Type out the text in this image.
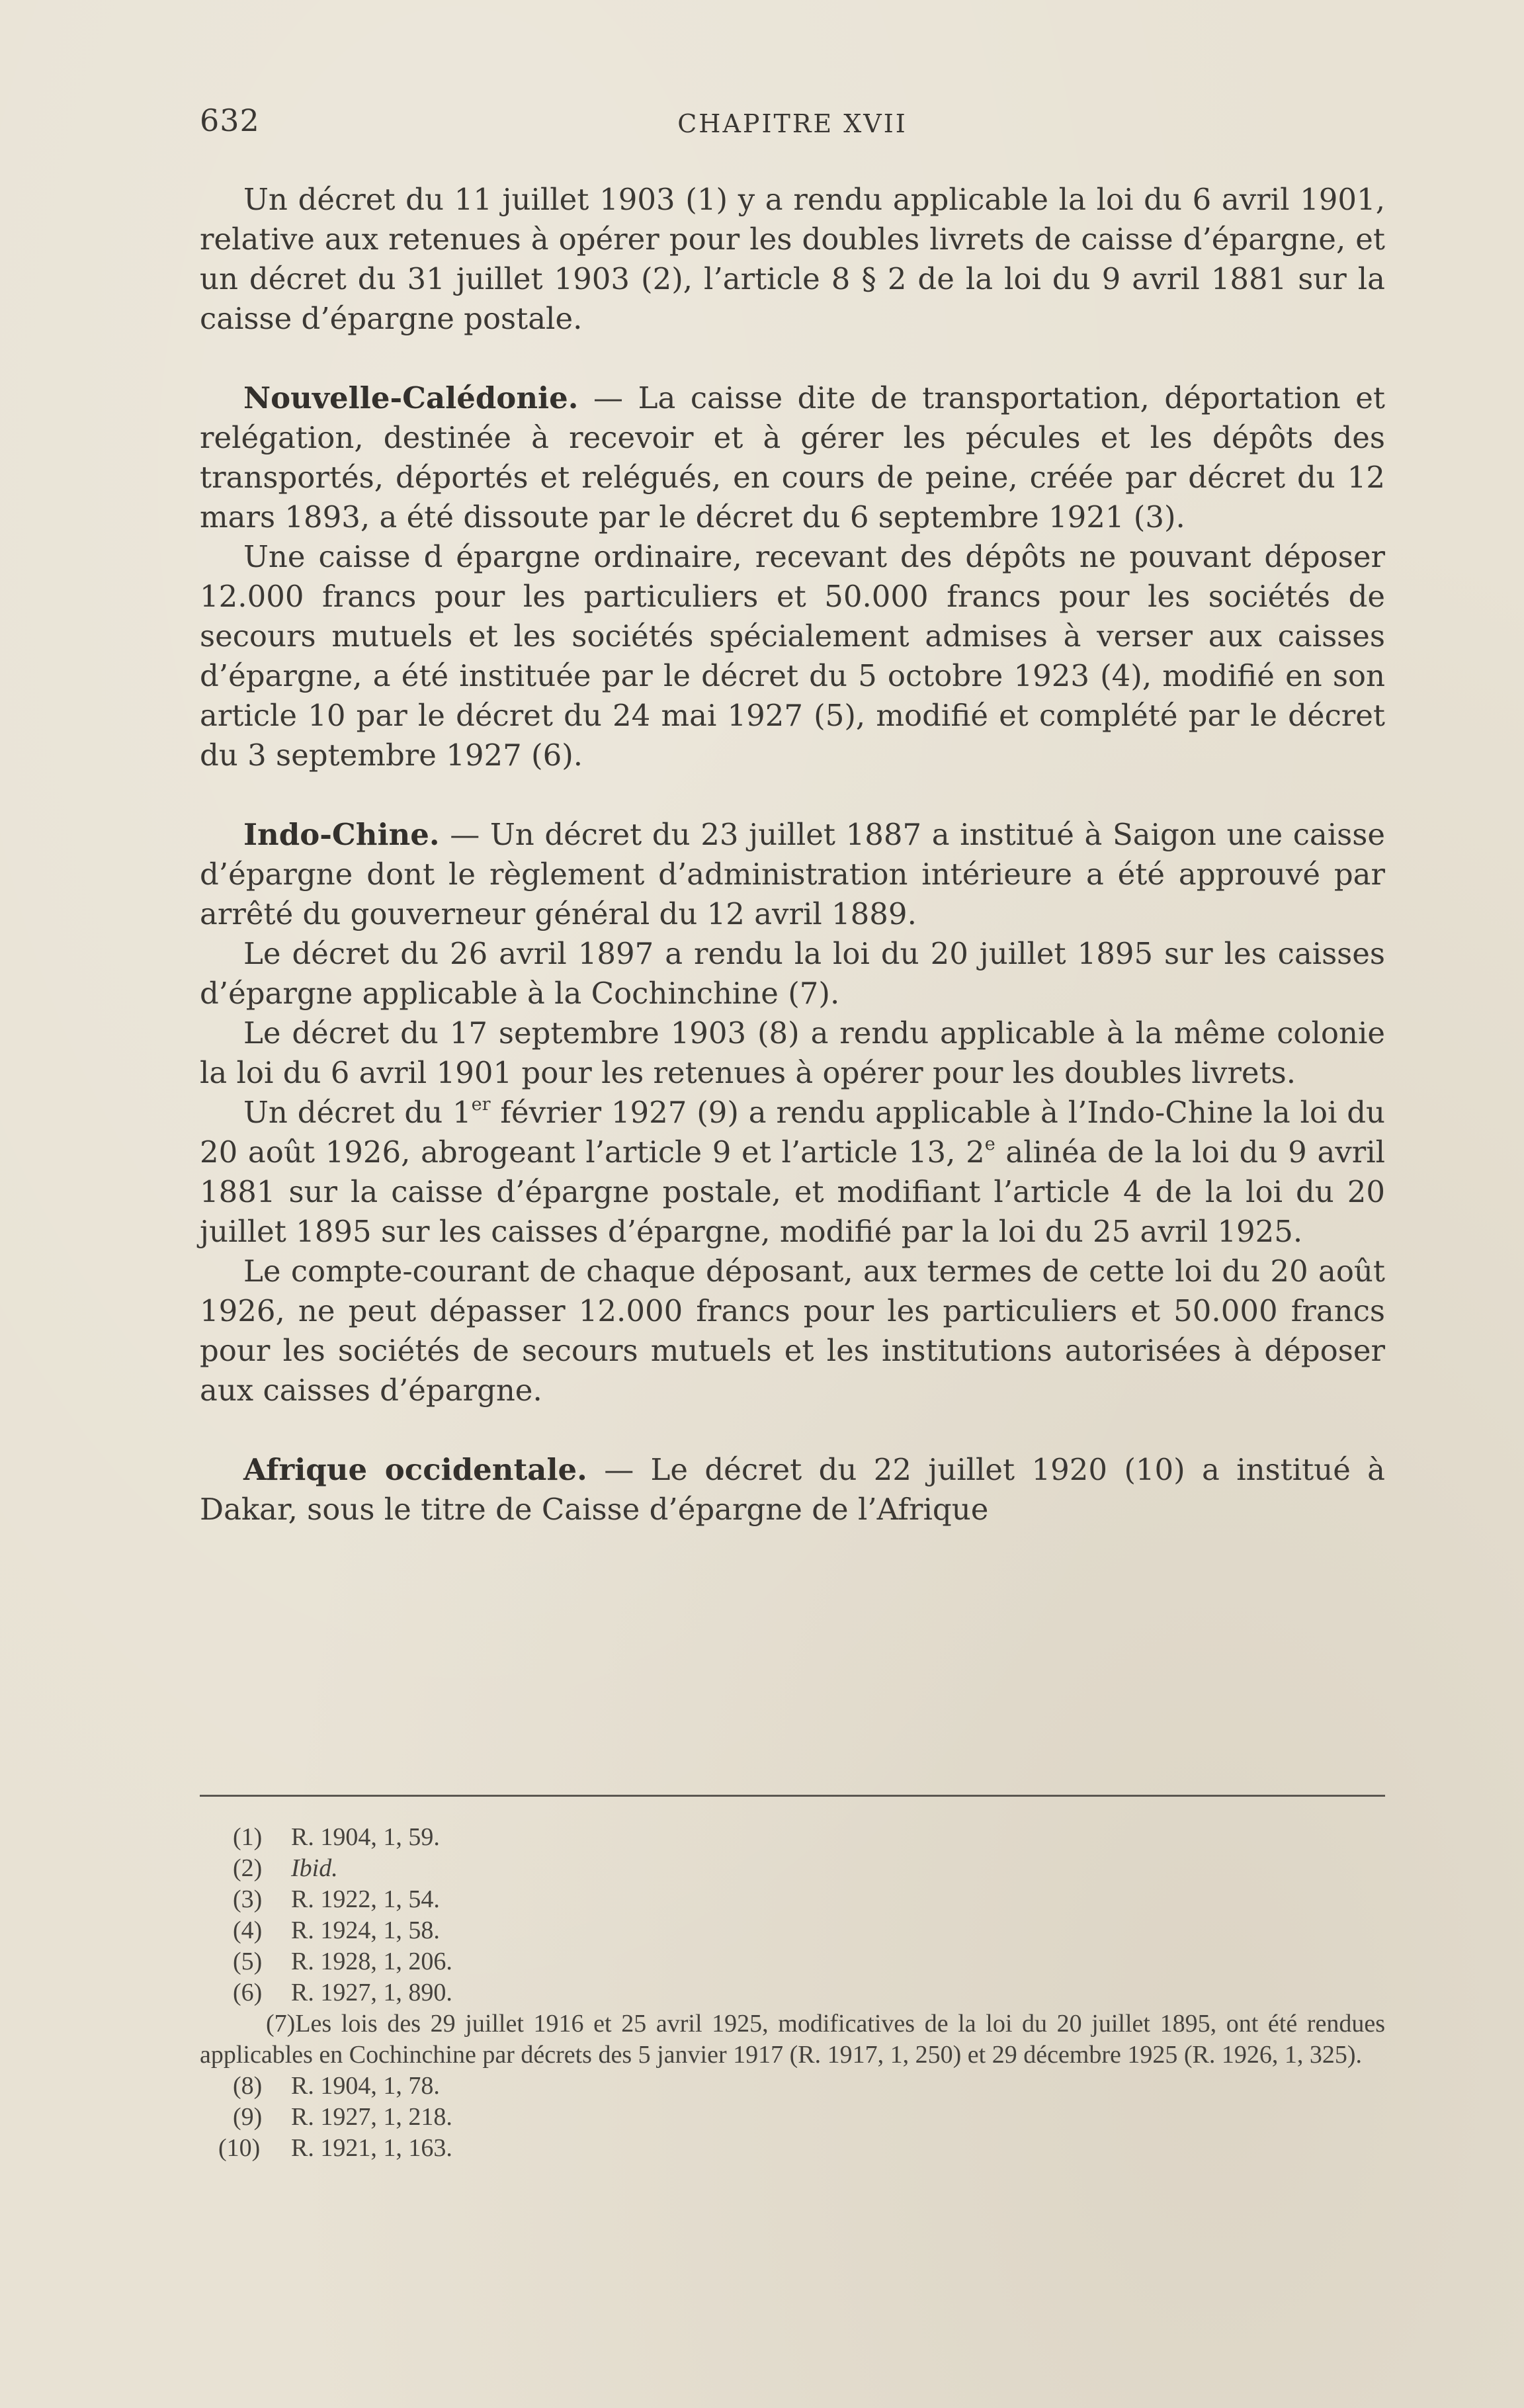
632	CHAPITRE XVII

Un décret du 11 juillet 1903 (1) y a rendu applicable la loi du 6 avril 1901, relative aux retenues à opérer pour les doubles livrets de caisse d’épargne, et un décret du 31 juillet 1903 (2), l’article 8 § 2 de la loi du 9 avril 1881 sur la caisse d’épargne postale.

Nouvelle-Calédonie. — La caisse dite de transportation, déportation et relégation, destinée à recevoir et à gérer les pécules et les dépôts des transportés, déportés et relégués, en cours de peine, créée par décret du 12 mars 1893, a été dissoute par le décret du 6 septembre 1921 (3).

Une caisse d épargne ordinaire, recevant des dépôts ne pouvant déposer 12.000 francs pour les particuliers et 50.000 francs pour les sociétés de secours mutuels et les sociétés spécialement admises à verser aux caisses d’épargne, a été instituée par le décret du 5 octobre 1923 (4), modifié en son article 10 par le décret du 24 mai 1927 (5), modifié et complété par le décret du 3 septembre 1927 (6).

Indo-Chine. — Un décret du 23 juillet 1887 a institué à Saigon une caisse d’épargne dont le règlement d’administration intérieure a été approuvé par arrêté du gouverneur général du 12 avril 1889.

Le décret du 26 avril 1897 a rendu la loi du 20 juillet 1895 sur les caisses d’épargne applicable à la Cochinchine (7).

Le décret du 17 septembre 1903 (8) a rendu applicable à la même colonie la loi du 6 avril 1901 pour les retenues à opérer pour les doubles livrets.

Un décret du 1er février 1927 (9) a rendu applicable à l’Indo-Chine la loi du 20 août 1926, abrogeant l’article 9 et l’article 13, 2e alinéa de la loi du 9 avril 1881 sur la caisse d’épargne postale, et modifiant l’article 4 de la loi du 20 juillet 1895 sur les caisses d’épargne, modifié par la loi du 25 avril 1925.

Le compte-courant de chaque déposant, aux termes de cette loi du 20 août 1926, ne peut dépasser 12.000 francs pour les particuliers et 50.000 francs pour les sociétés de secours mutuels et les institutions autorisées à déposer aux caisses d’épargne.

Afrique occidentale. — Le décret du 22 juillet 1920 (10) a institué à Dakar, sous le titre de Caisse d’épargne de l’Afrique

(1) R. 1904, 1, 59.
(2) Ibid.
(3) R. 1922, 1, 54.
(4) R. 1924, 1, 58.
(5) R. 1928, 1, 206.
(6) R. 1927, 1, 890.
(7)Les lois des 29 juillet 1916 et 25 avril 1925, modificatives de la loi du 20 juillet 1895, ont été rendues applicables en Cochinchine par décrets des 5 janvier 1917 (R. 1917, 1, 250) et 29 décembre 1925 (R. 1926, 1, 325).
(8) R. 1904, 1, 78.
(9) R. 1927, 1, 218.
(10) R. 1921, 1, 163.
